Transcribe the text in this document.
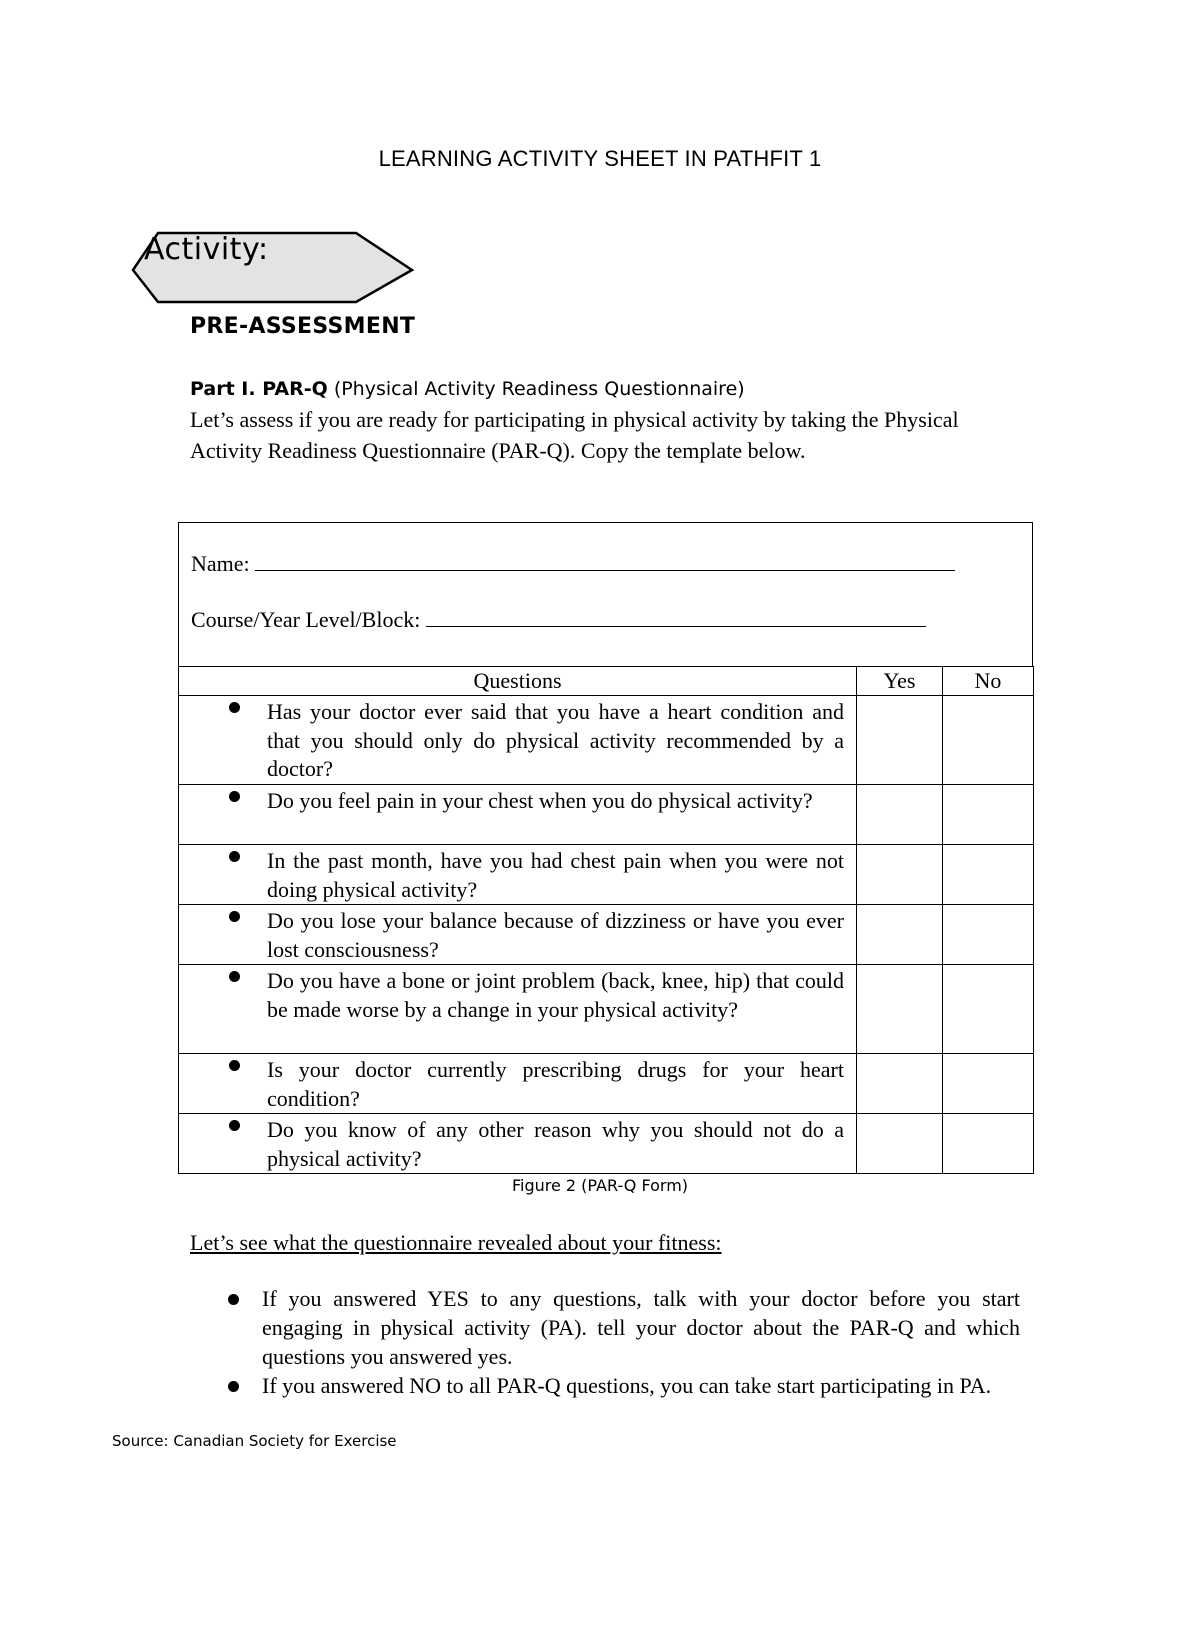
LEARNING ACTIVITY SHEET IN PATHFIT 1
Activity:
PRE-ASSESSMENT
Part I. PAR-Q (Physical Activity Readiness Questionnaire)
Let’s assess if you are ready for participating in physical activity by taking the Physical Activity Readiness Questionnaire (PAR-Q). Copy the template below.
Name:
Course/Year Level/Block:
Questions	Yes	No

Has your doctor ever said that you have a heart condition and that you should only do physical activity recommended by a doctor?		

Do you feel pain in your chest when you do physical activity?		

In the past month, have you had chest pain when you were not doing physical activity?		

Do you lose your balance because of dizziness or have you ever lost consciousness?		

Do you have a bone or joint problem (back, knee, hip) that could be made worse by a change in your physical activity?		

Is your doctor currently prescribing drugs for your heart condition?		

Do you know of any other reason why you should not do a physical activity?		
Figure 2 (PAR-Q Form)
Let’s see what the questionnaire revealed about your fitness:
If you answered YES to any questions, talk with your doctor before you start engaging in physical activity (PA). tell your doctor about the PAR-Q and which questions you answered yes.
If you answered NO to all PAR-Q questions, you can take start participating in PA.
Source: Canadian Society for Exercise
